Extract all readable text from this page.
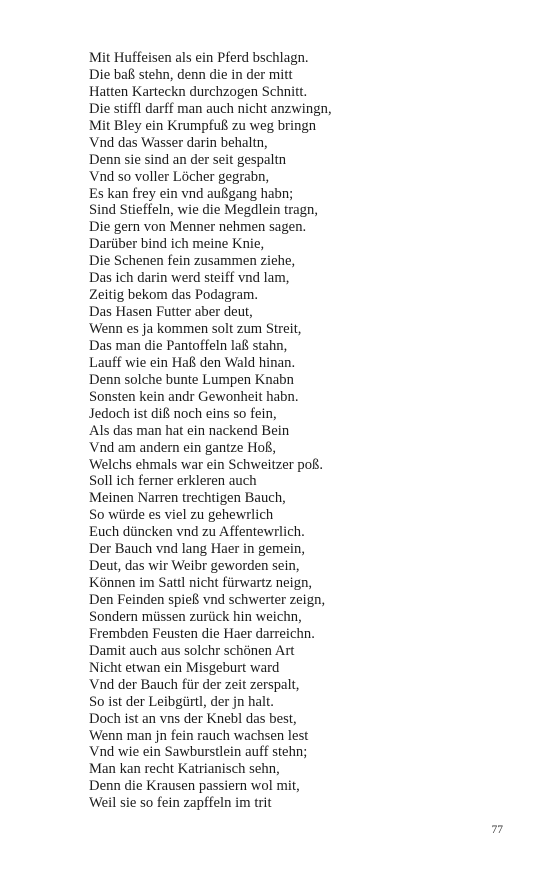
Mit Huffeisen als ein Pferd bschlagn.
Die baß stehn, denn die in der mitt
Hatten Karteckn durchzogen Schnitt.
Die stiffl darff man auch nicht anzwingn,
Mit Bley ein Krumpfuß zu weg bringn
Vnd das Wasser darin behaltn,
Denn sie sind an der seit gespaltn
Vnd so voller Löcher gegrabn,
Es kan frey ein vnd außgang habn;
Sind Stieffeln, wie die Megdlein tragn,
Die gern von Menner nehmen sagen.
Darüber bind ich meine Knie,
Die Schenen fein zusammen ziehe,
Das ich darin werd steiff vnd lam,
Zeitig bekom das Podagram.
Das Hasen Futter aber deut,
Wenn es ja kommen solt zum Streit,
Das man die Pantoffeln laß stahn,
Lauff wie ein Haß den Wald hinan.
Denn solche bunte Lumpen Knabn
Sonsten kein andr Gewonheit habn.
Jedoch ist diß noch eins so fein,
Als das man hat ein nackend Bein
Vnd am andern ein gantze Hoß,
Welchs ehmals war ein Schweitzer poß.
Soll ich ferner erkleren auch
Meinen Narren trechtigen Bauch,
So würde es viel zu gehewrlich
Euch düncken vnd zu Affentewrlich.
Der Bauch vnd lang Haer in gemein,
Deut, das wir Weibr geworden sein,
Können im Sattl nicht fürwartz neign,
Den Feinden spieß vnd schwerter zeign,
Sondern müssen zurück hin weichn,
Frembden Feusten die Haer darreichn.
Damit auch aus solchr schönen Art
Nicht etwan ein Misgeburt ward
Vnd der Bauch für der zeit zerspalt,
So ist der Leibgürtl, der jn halt.
Doch ist an vns der Knebl das best,
Wenn man jn fein rauch wachsen lest
Vnd wie ein Sawburstlein auff stehn;
Man kan recht Katrianisch sehn,
Denn die Krausen passiern wol mit,
Weil sie so fein zapffeln im trit
77
